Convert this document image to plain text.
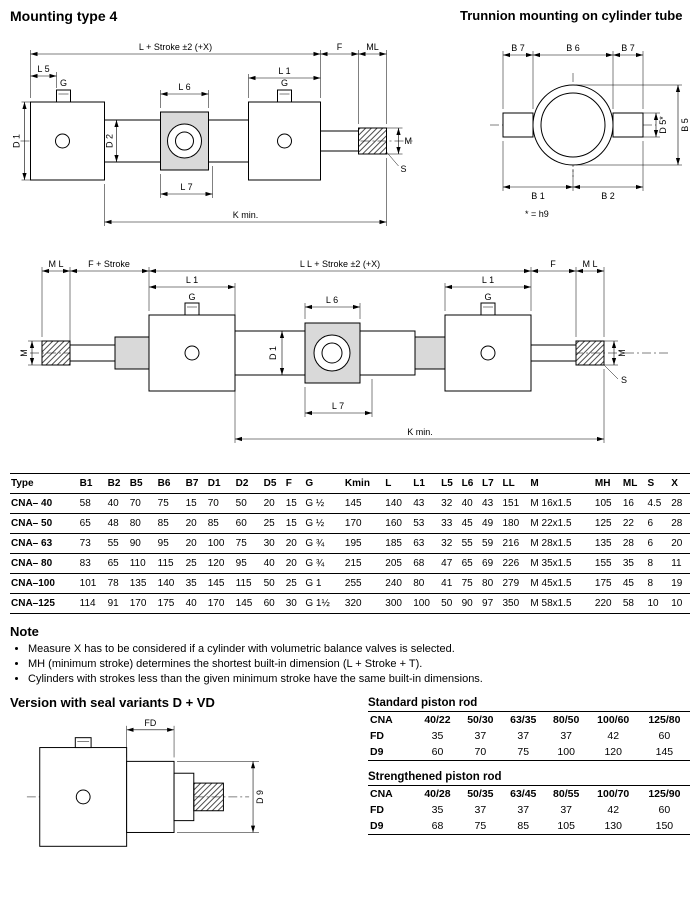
Mounting type 4
L + Stroke ±2 (+X)	F	ML
L 5
G	L 6
L 1
G
D 1	D 2	M
S
L 7
K min.
Trunnion mounting on cylinder tube
B 7	B 6	B 7
B 1	B 2
D 5* B 5
* = h9
M L	F + Stroke	L L + Stroke ±2 (+X)	F	M L
L 1	L 1
G	G
L 6
D 1
M	M
S
L 7
K min.
Type	B1	B2	B5	B6	B7	D1	D2	D5	F	G	Kmin	L	L1	L5	L6	L7	LL	M	MH	ML	S	X
CNA– 40	58	40	70	75	15	70	50	20	15	G ½	145	140	43	32	40	43	151	M 16x1.5	105	16	4.5	28
CNA– 50	65	48	80	85	20	85	60	25	15	G ½	170	160	53	33	45	49	180	M 22x1.5	125	22	6	28
CNA– 63	73	55	90	95	20	100	75	30	20	G ¾	195	185	63	32	55	59	216	M 28x1.5	135	28	6	20
CNA– 80	83	65	110	115	25	120	95	40	20	G ¾	215	205	68	47	65	69	226	M 35x1.5	155	35	8	11
CNA–100	101	78	135	140	35	145	115	50	25	G 1	255	240	80	41	75	80	279	M 45x1.5	175	45	8	19
CNA–125	114	91	170	175	40	170	145	60	30	G 1½	320	300	100	50	90	97	350	M 58x1.5	220	58	10	10
Note
• Measure X has to be considered if a cylinder with volumetric balance valves is selected.
• MH (minimum stroke) determines the shortest built-in dimension (L + Stroke + T).
• Cylinders with strokes less than the given minimum stroke have the same built-in dimensions.
Version with seal variants D + VD
FD
D 9
Standard piston rod
CNA	40/22	50/30	63/35	80/50	100/60	125/80
FD	35	37	37	37	42	60
D9	60	70	75	100	120	145
Strengthened piston rod
CNA	40/28	50/35	63/45	80/55	100/70	125/90
FD	35	37	37	37	42	60
D9	68	75	85	105	130	150
